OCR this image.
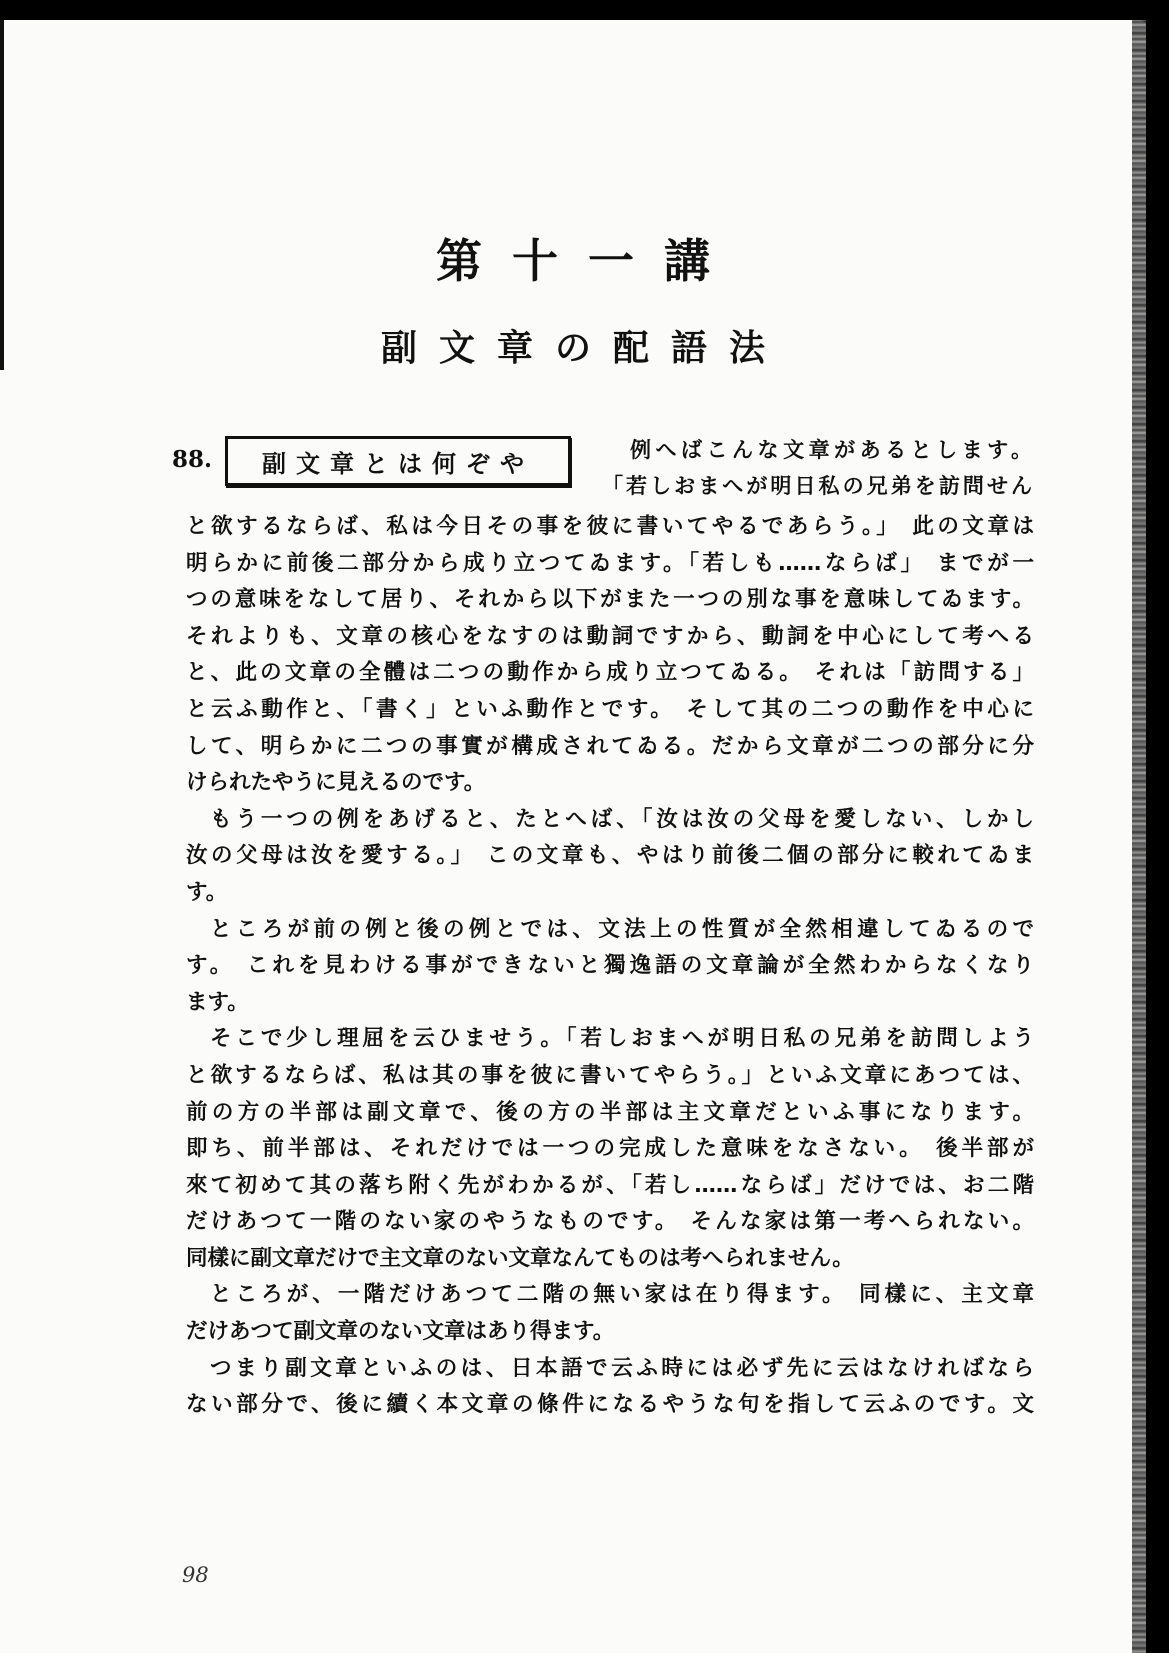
第十一講
副文章の配語法
88. 副文章とは何ぞや	例へばこんな文章があるとします。
「若しおまへが明日私の兄弟を訪問せん
と欲するならば、私は今日その事を彼に書いてやるであらう。」 此の文章は
明らかに前後二部分から成り立つてゐます。「若しも……ならば」 までが一
つの意味をなして居り、それから以下がまた一つの別な事を意味してゐます。
それよりも、文章の核心をなすのは動詞ですから、動詞を中心にして考へる
と、此の文章の全體は二つの動作から成り立つてゐる。 それは「訪問する」
と云ふ動作と、「書く」といふ動作とです。 そして其の二つの動作を中心に
して、明らかに二つの事實が構成されてゐる。だから文章が二つの部分に分
けられたやうに見えるのです。
もう一つの例をあげると、たとへば、「汝は汝の父母を愛しない、しかし
汝の父母は汝を愛する。」 この文章も、やはり前後二個の部分に較れてゐま
す。
ところが前の例と後の例とでは、文法上の性質が全然相違してゐるので
す。 これを見わける事ができないと獨逸語の文章論が全然わからなくなり
ます。
そこで少し理屈を云ひませう。「若しおまへが明日私の兄弟を訪問しよう
と欲するならば、私は其の事を彼に書いてやらう。」といふ文章にあつては、
前の方の半部は副文章で、後の方の半部は主文章だといふ事になります。
即ち、前半部は、それだけでは一つの完成した意味をなさない。 後半部が
來て初めて其の落ち附く先がわかるが、「若し……ならば」だけでは、お二階
だけあつて一階のない家のやうなものです。 そんな家は第一考へられない。
同樣に副文章だけで主文章のない文章なんてものは考へられません。
ところが、一階だけあつて二階の無い家は在り得ます。 同樣に、主文章
だけあつて副文章のない文章はあり得ます。
つまり副文章といふのは、日本語で云ふ時には必ず先に云はなければなら
ない部分で、後に續く本文章の條件になるやうな句を指して云ふのです。文
98
